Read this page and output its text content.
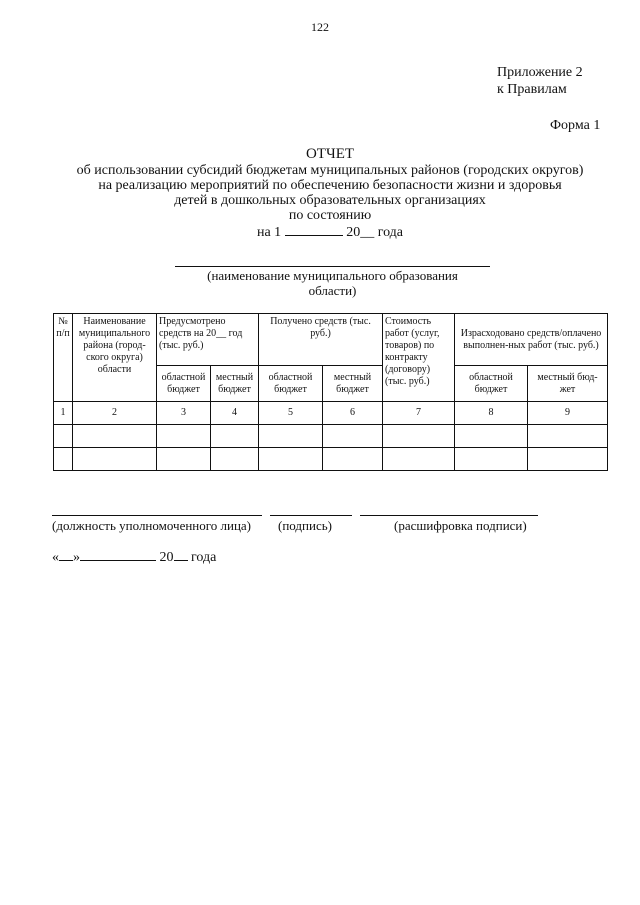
122
Приложение 2
к Правилам
Форма 1
ОТЧЕТ
об использовании субсидий бюджетам муниципальных районов (городских округов)
на реализацию мероприятий по обеспечению безопасности жизни и здоровья
детей в дошкольных образовательных организациях
по состоянию
на 1	20__ года
(наименование муниципального образования
области)
№ п/п	Наименование муниципального района (город-ского округа) области	Предусмотрено средств на 20__ год (тыс. руб.)		Получено средств (тыс. руб.)		Стоимость работ (услуг, товаров) по контракту (договору) (тыс. руб.)	Израсходовано средств/оплачено выполнен-ных работ (тыс. руб.)	
		областной бюджет	местный бюджет	областной бюджет	местный бюджет		областной бюджет	местный бюд-жет
1	2	3	4	5	6	7	8	9

(должность уполномоченного лица) (подпись)	(расшифровка подписи)
« »	20 года
